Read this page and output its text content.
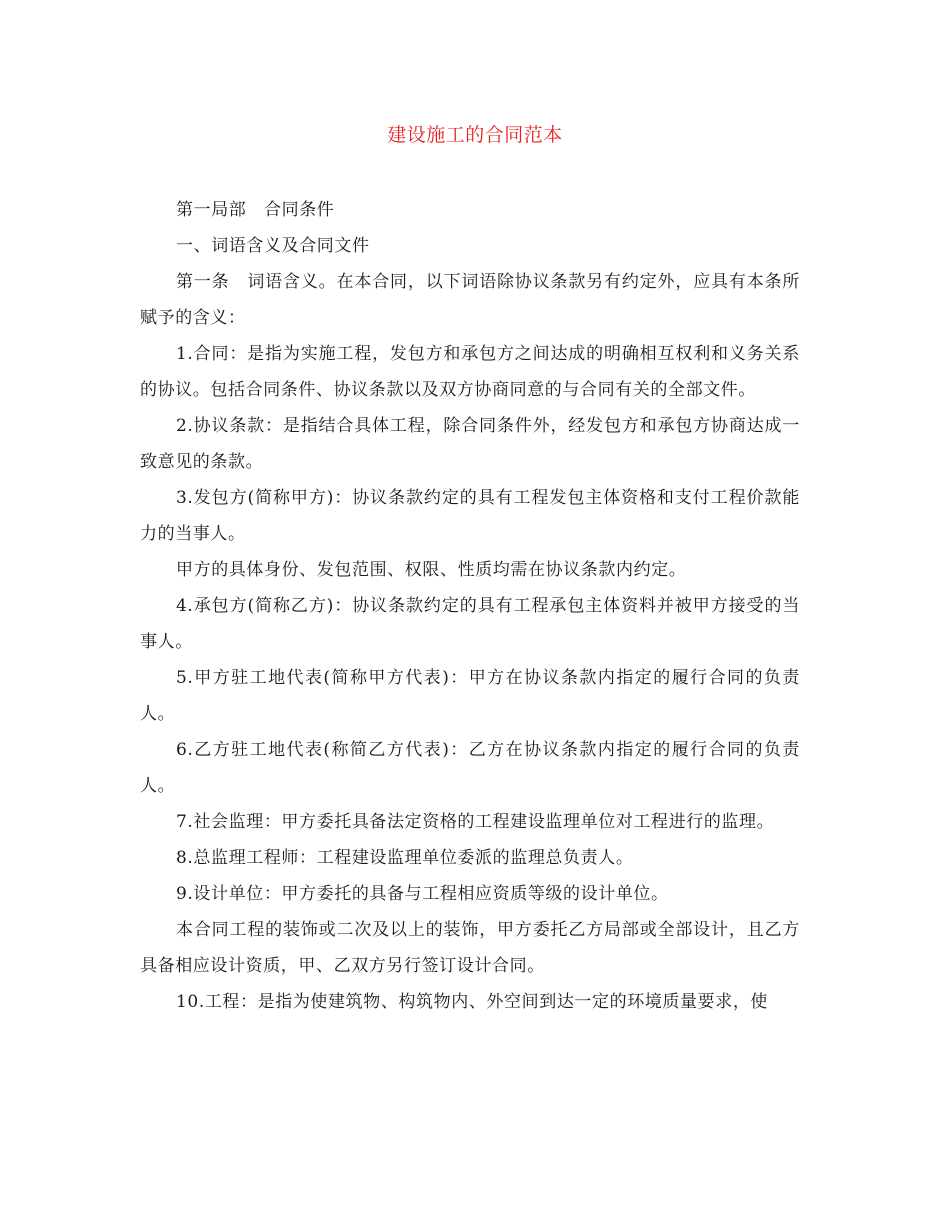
建设施工的合同范本

第一局部　合同条件

一、词语含义及合同文件

第一条　词语含义。在本合同，以下词语除协议条款另有约定外，应具有本条所赋予的含义：

1.合同：是指为实施工程，发包方和承包方之间达成的明确相互权利和义务关系的协议。包括合同条件、协议条款以及双方协商同意的与合同有关的全部文件。

2.协议条款：是指结合具体工程，除合同条件外，经发包方和承包方协商达成一致意见的条款。

3.发包方(简称甲方)：协议条款约定的具有工程发包主体资格和支付工程价款能力的当事人。

甲方的具体身份、发包范围、权限、性质均需在协议条款内约定。

4.承包方(简称乙方)：协议条款约定的具有工程承包主体资料并被甲方接受的当事人。

5.甲方驻工地代表(简称甲方代表)：甲方在协议条款内指定的履行合同的负责人。

6.乙方驻工地代表(称简乙方代表)：乙方在协议条款内指定的履行合同的负责人。

7.社会监理：甲方委托具备法定资格的工程建设监理单位对工程进行的监理。

8.总监理工程师：工程建设监理单位委派的监理总负责人。

9.设计单位：甲方委托的具备与工程相应资质等级的设计单位。

本合同工程的装饰或二次及以上的装饰，甲方委托乙方局部或全部设计，且乙方具备相应设计资质，甲、乙双方另行签订设计合同。

10.工程：是指为使建筑物、构筑物内、外空间到达一定的环境质量要求，使
